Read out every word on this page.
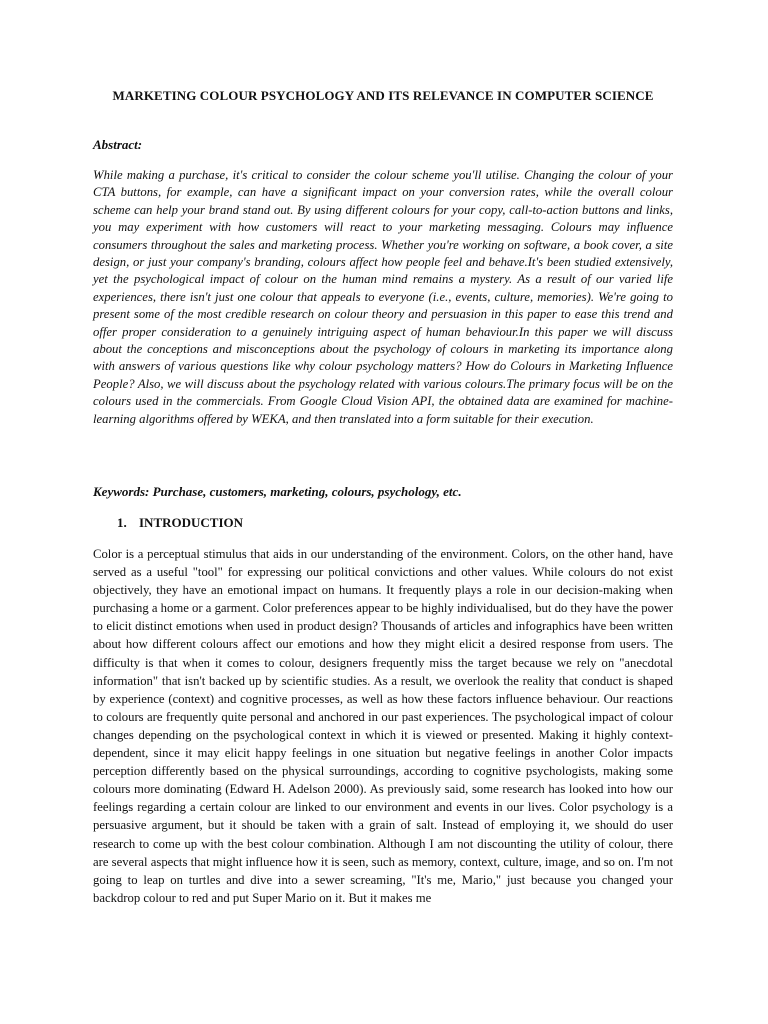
MARKETING COLOUR PSYCHOLOGY AND ITS RELEVANCE IN COMPUTER SCIENCE
Abstract:

While making a purchase, it's critical to consider the colour scheme you'll utilise. Changing the colour of your CTA buttons, for example, can have a significant impact on your conversion rates, while the overall colour scheme can help your brand stand out. By using different colours for your copy, call-to-action buttons and links, you may experiment with how customers will react to your marketing messaging. Colours may influence consumers throughout the sales and marketing process. Whether you're working on software, a book cover, a site design, or just your company's branding, colours affect how people feel and behave.It's been studied extensively, yet the psychological impact of colour on the human mind remains a mystery. As a result of our varied life experiences, there isn't just one colour that appeals to everyone (i.e., events, culture, memories). We're going to present some of the most credible research on colour theory and persuasion in this paper to ease this trend and offer proper consideration to a genuinely intriguing aspect of human behaviour.In this paper we will discuss about the conceptions and misconceptions about the psychology of colours in marketing its importance along with answers of various questions like why colour psychology matters? How do Colours in Marketing Influence People? Also, we will discuss about the psychology related with various colours.The primary focus will be on the colours used in the commercials. From Google Cloud Vision API, the obtained data are examined for machine-learning algorithms offered by WEKA, and then translated into a form suitable for their execution.

Keywords: Purchase, customers, marketing, colours, psychology, etc.
1. INTRODUCTION

Color is a perceptual stimulus that aids in our understanding of the environment. Colors, on the other hand, have served as a useful "tool" for expressing our political convictions and other values. While colours do not exist objectively, they have an emotional impact on humans. It frequently plays a role in our decision-making when purchasing a home or a garment. Color preferences appear to be highly individualised, but do they have the power to elicit distinct emotions when used in product design? Thousands of articles and infographics have been written about how different colours affect our emotions and how they might elicit a desired response from users. The difficulty is that when it comes to colour, designers frequently miss the target because we rely on "anecdotal information" that isn't backed up by scientific studies. As a result, we overlook the reality that conduct is shaped by experience (context) and cognitive processes, as well as how these factors influence behaviour. Our reactions to colours are frequently quite personal and anchored in our past experiences. The psychological impact of colour changes depending on the psychological context in which it is viewed or presented. Making it highly context-dependent, since it may elicit happy feelings in one situation but negative feelings in another Color impacts perception differently based on the physical surroundings, according to cognitive psychologists, making some colours more dominating (Edward H. Adelson 2000). As previously said, some research has looked into how our feelings regarding a certain colour are linked to our environment and events in our lives. Color psychology is a persuasive argument, but it should be taken with a grain of salt. Instead of employing it, we should do user research to come up with the best colour combination. Although I am not discounting the utility of colour, there are several aspects that might influence how it is seen, such as memory, context, culture, image, and so on. I'm not going to leap on turtles and dive into a sewer screaming, "It's me, Mario," just because you changed your backdrop colour to red and put Super Mario on it. But it makes me
